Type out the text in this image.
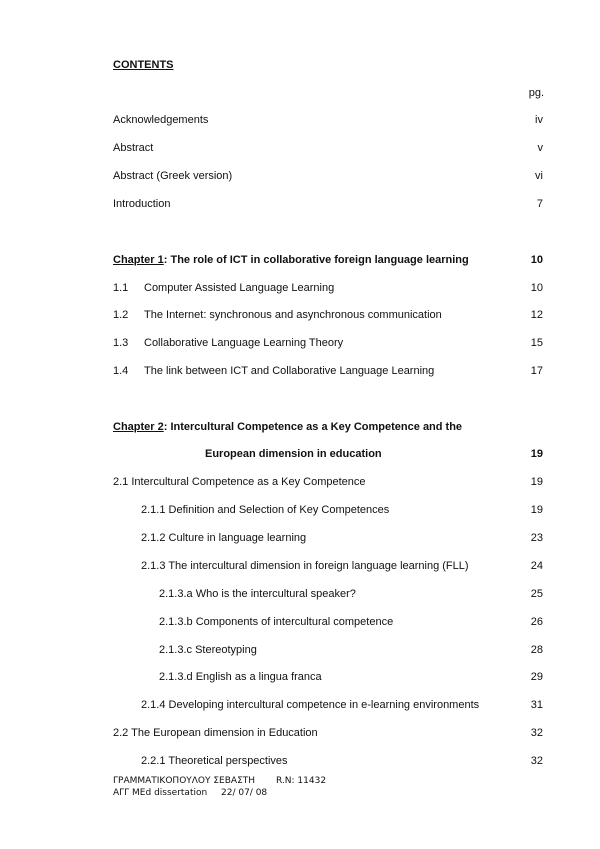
CONTENTS
pg.
Acknowledgements	iv
Abstract	v
Abstract (Greek version)	vi
Introduction	7
Chapter 1: The role of ICT in collaborative foreign language learning	10
1.1 Computer Assisted Language Learning	10
1.2 The Internet: synchronous and asynchronous communication	12
1.3 Collaborative Language Learning Theory	15
1.4 The link between ICT and Collaborative Language Learning	17
Chapter 2: Intercultural Competence as a Key Competence and the
European dimension in education	19
2.1 Intercultural Competence as a Key Competence	19
2.1.1 Definition and Selection of Key Competences	19
2.1.2 Culture in language learning	23
2.1.3 The intercultural dimension in foreign language learning (FLL)	24
2.1.3.a Who is the intercultural speaker?	25
2.1.3.b Components of intercultural competence	26
2.1.3.c Stereotyping	28
2.1.3.d English as a lingua franca	29
2.1.4 Developing intercultural competence in e-learning environments	31
2.2 The European dimension in Education	32
2.2.1 Theoretical perspectives	32
ΓΡΑΜΜΑΤΙΚΟΠΟΥΛΟΥ ΣΕΒΑΣΤΗ R.N: 11432
ΑΓΓ MEd dissertation 22/ 07/ 08
